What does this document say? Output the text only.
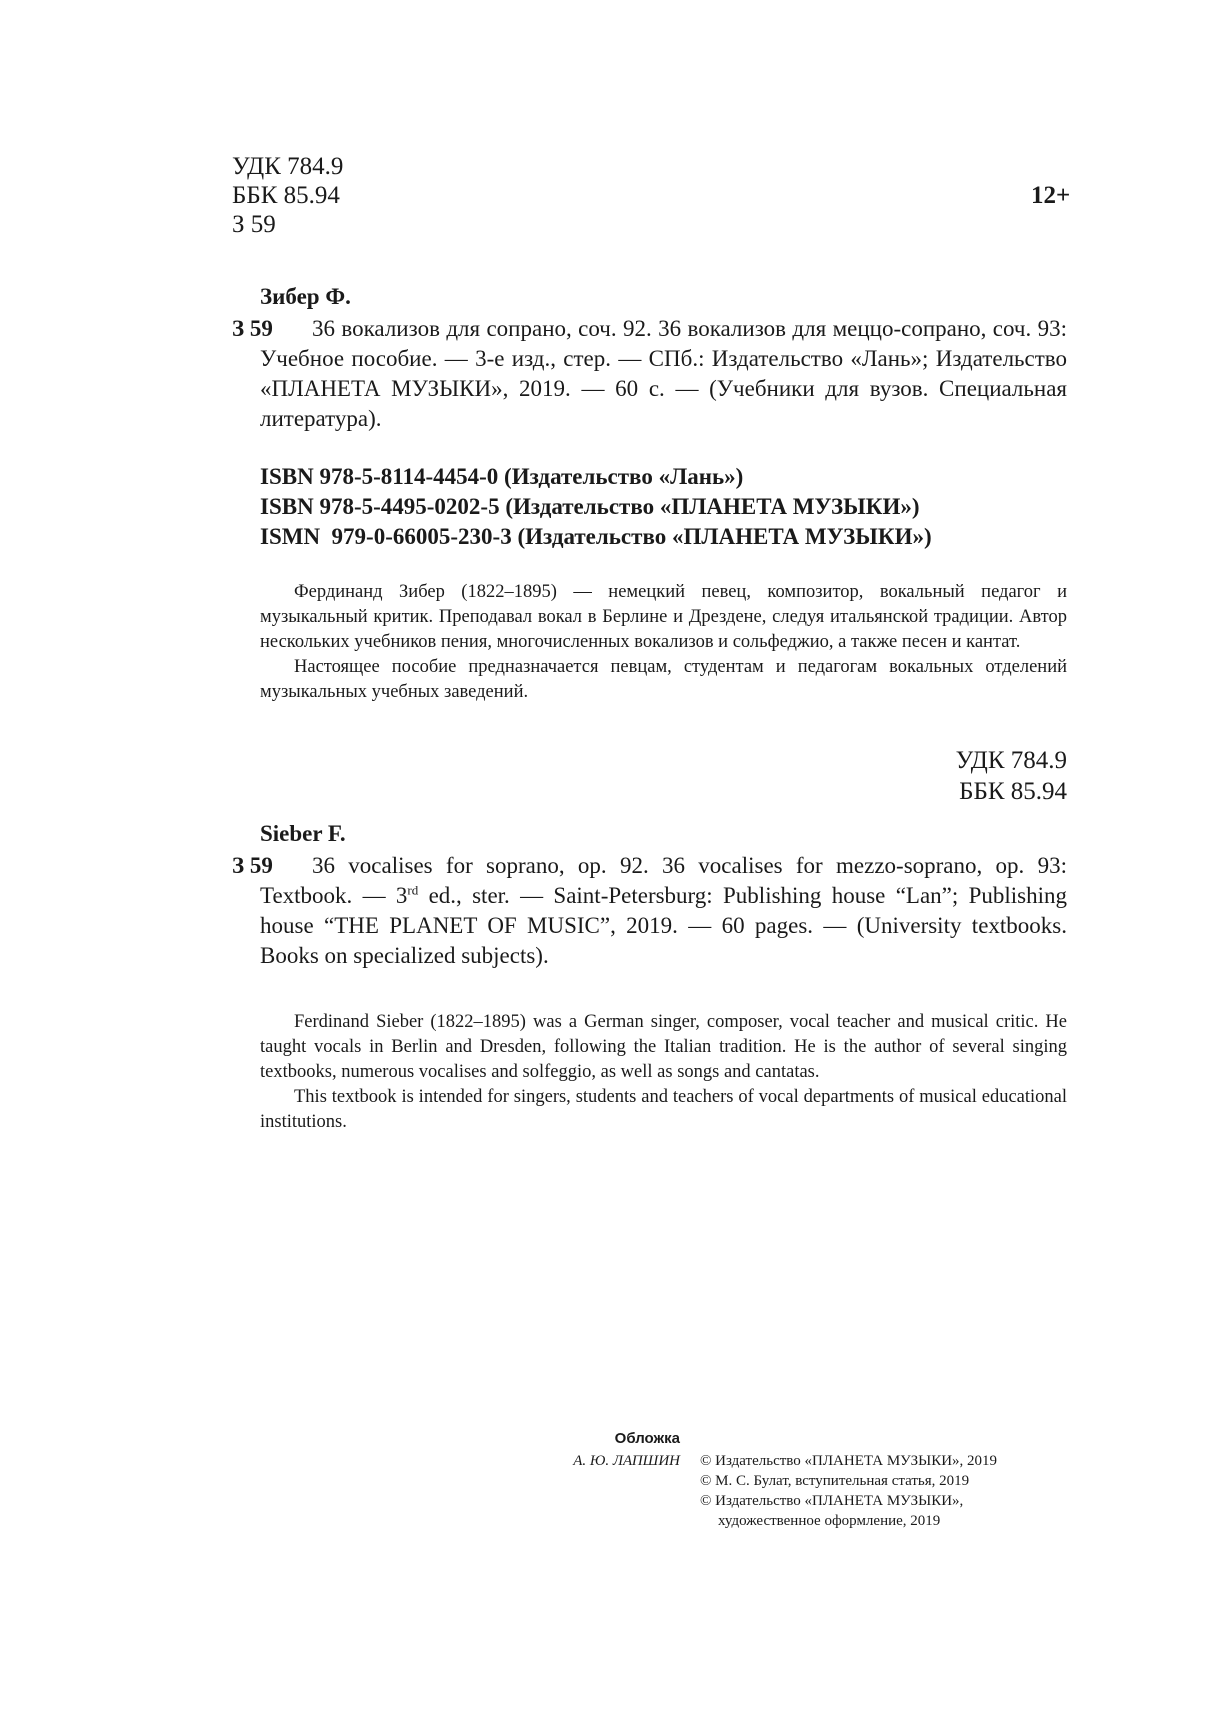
УДК 784.9
ББК 85.94
З 59
12+
Зибер Ф.
З 59 36 вокализов для сопрано, соч. 92. 36 вокализов для меццо-сопрано, соч. 93: Учебное пособие. — 3-е изд., стер. — СПб.: Издательство «Лань»; Издательство «ПЛАНЕТА МУЗЫКИ», 2019. — 60 с. — (Учебники для вузов. Специальная литература).
ISBN 978-5-8114-4454-0 (Издательство «Лань»)
ISBN 978-5-4495-0202-5 (Издательство «ПЛАНЕТА МУЗЫКИ»)
ISMN  979-0-66005-230-3 (Издательство «ПЛАНЕТА МУЗЫКИ»)

Фердинанд Зибер (1822–1895) — немецкий певец, композитор, вокальный педагог и музыкальный критик. Преподавал вокал в Берлине и Дрездене, следуя итальянской традиции. Автор нескольких учебников пения, многочисленных вокализов и сольфеджио, а также песен и кантат.

Настоящее пособие предназначается певцам, студентам и педагогам вокальных отделений музыкальных учебных заведений.

УДК 784.9
ББК 85.94
Sieber F.
З 59 36 vocalises for soprano, op. 92. 36 vocalises for mezzo-soprano, op. 93: Textbook. — 3rd ed., ster. — Saint-Petersburg: Publishing house “Lan”; Publishing house “THE PLANET OF MUSIC”, 2019. — 60 pages. — (University textbooks. Books on specialized subjects).

Ferdinand Sieber (1822–1895) was a German singer, composer, vocal teacher and musical critic. He taught vocals in Berlin and Dresden, following the Italian tradition. He is the author of several singing textbooks, numerous vocalises and solfeggio, as well as songs and cantatas.

This textbook is intended for singers, students and teachers of vocal departments of musical educational institutions.

Обложка
А. Ю. ЛАПШИН © Издательство «ПЛАНЕТА МУЗЫКИ», 2019
© М. С. Булат, вступительная статья, 2019
© Издательство «ПЛАНЕТА МУЗЫКИ»,
художественное оформление, 2019
